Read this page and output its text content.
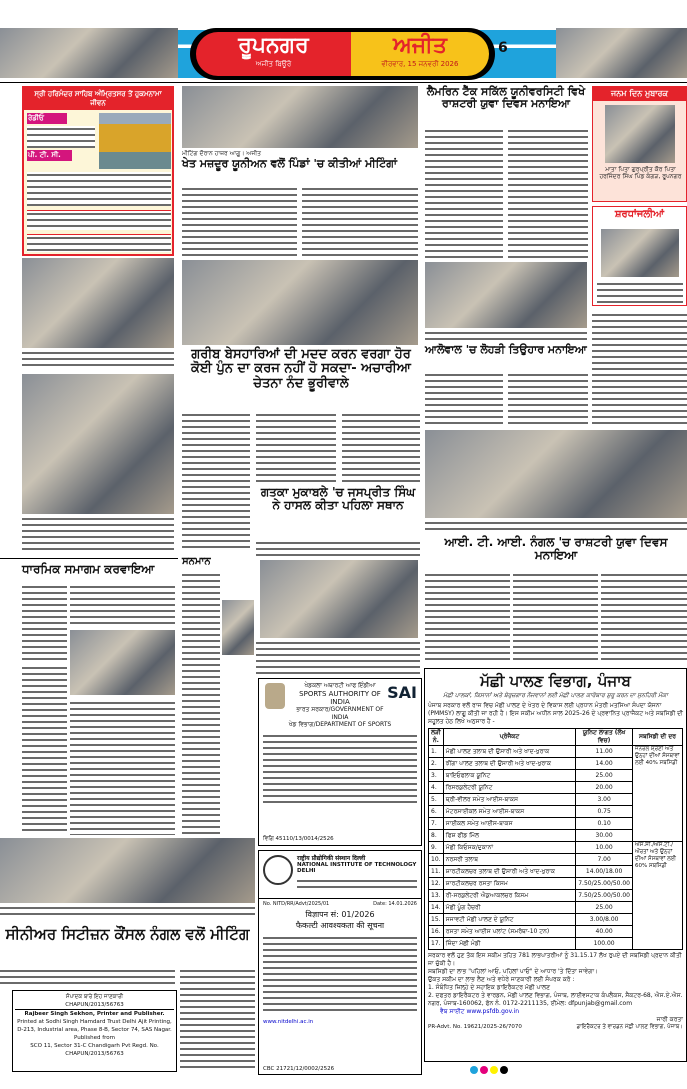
ਰੂਪਨਗਰ
ਅਜੀਤ ਬਿਊਰੋ
ਅਜੀਤ
ਵੀਰਵਾਰ, 15 ਜਨਵਰੀ 2026
6
ਸ੍ਰੀ ਹਰਿਮੰਦਰ ਸਾਹਿਬ ਅੰਮ੍ਰਿਤਸਰ ਤੋਂ ਹੁਕਮਨਾਮਾ ਜੀਵਨ
ਰੇਡੀਓ
ਪੀ. ਟੀ. ਸੀ.
ਧਾਰਮਿਕ ਸਮਾਗਮ ਕਰਵਾਇਆ
ਸੀਨੀਅਰ ਸਿਟੀਜ਼ਨ ਕੌਂਸਲ ਨੰਗਲ ਵਲੋਂ ਮੀਟਿੰਗ
ਸੰਪਾਦਕ ਬਾਰੇ ਇਹ ਜਾਣਕਾਰੀ
CHAPUN/2013/56763
Rajbeer Singh Sekhon, Printer and Publisher.
Printed at Sodhi Singh Hamdard Trust Delhi Ajit Printing,
D-213, Industrial area, Phase 8-B, Sector 74, SAS Nagar. Published from
SCO 11, Sector 31-C Chandigarh Pvt Regd. No. CHAPUN/2013/56763
ਮੀਟਿੰਗ ਦੌਰਾਨ ਹਾਜ਼ਰ ਆਗੂ। ਅਜੀਤ
ਖੇਤ ਮਜ਼ਦੂਰ ਯੂਨੀਅਨ ਵਲੋਂ ਪਿੰਡਾਂ 'ਚ ਕੀਤੀਆਂ ਮੀਟਿੰਗਾਂ
ਗਰੀਬ ਬੇਸਹਾਰਿਆਂ ਦੀ ਮਦਦ ਕਰਨ ਵਰਗਾ ਹੋਰ ਕੋਈ ਪੁੰਨ ਦਾ ਕਰਜ ਨਹੀਂ ਹੋ ਸਕਦਾ- ਅਚਾਰੀਆ ਚੇਤਨਾ ਨੰਦ ਭੂਰੀਵਾਲੇ
ਗਤਕਾ ਮੁਕਾਬਲੇ 'ਚ ਜਸਪ੍ਰੀਤ ਸਿੰਘ ਨੇ ਹਾਸਲ ਕੀਤਾ ਪਹਿਲਾ ਸਥਾਨ
ਸਨਮਾਨ
SAI
ਖੇਡਕਲਾ ਅਥਾਰਟੀ ਆਫ ਇੰਡੀਆ
SPORTS AUTHORITY OF INDIA
ਭਾਰਤ ਸਰਕਾਰ/GOVERNMENT OF INDIA
ਖੇਡ ਵਿਭਾਗ/DEPARTMENT OF SPORTS
ਵਿਗਿ 45110/13/0014/2526
राष्ट्रीय प्रौद्योगिकी संस्थान दिल्ली
NATIONAL INSTITUTE OF TECHNOLOGY DELHI
No. NITD/RR/Advt/2025/01	Date: 14.01.2026
विज्ञापन सं: 01/2026
फैकल्टी आवश्यकता की सूचना
www.nitdelhi.ac.in
CBC 21721/12/0002/2526
ਲੈਮਰਿਨ ਟੈੱਕ ਸਕਿੱਲ ਯੂਨੀਵਰਸਿਟੀ ਵਿਖੇ ਰਾਸ਼ਟਰੀ ਯੁਵਾ ਦਿਵਸ ਮਨਾਇਆ
ਜਨਮ ਦਿਨ ਮੁਬਾਰਕ
ਮਾਤਾ ਪਿਤਾ ਗੁਰਪ੍ਰੀਤ ਕੌਰ ਪਿਤਾ ਹਰਜਿੰਦਰ ਸਿੰਘ ਪਿੰਡ ਕੰਗੜ, ਰੂਪਨਗਰ
ਸ਼ਰਧਾਂਜਲੀਆਂ
ਆਲੋਵਾਲ 'ਚ ਲੋਹੜੀ ਤਿਉਹਾਰ ਮਨਾਇਆ
ਆਈ. ਟੀ. ਆਈ. ਨੰਗਲ 'ਚ ਰਾਸ਼ਟਰੀ ਯੁਵਾ ਦਿਵਸ ਮਨਾਇਆ
ਮੱਛੀ ਪਾਲਣ ਵਿਭਾਗ, ਪੰਜਾਬ
ਮੱਛੀ ਪਾਲਕਾਂ, ਕਿਸਾਨਾਂ ਅਤੇ ਬੇਰੁਜ਼ਗਾਰ ਨੌਜਵਾਨਾਂ ਲਈ ਮੱਛੀ ਪਾਲਣ ਕਾਰੋਬਾਰ ਸ਼ੁਰੂ ਕਰਨ ਦਾ ਸੁਨਹਿਰੀ ਮੌਕਾ
ਪੰਜਾਬ ਸਰਕਾਰ ਵਲੋਂ ਰਾਜ ਵਿਚ ਮੱਛੀ ਪਾਲਣ ਦੇ ਖੇਤਰ ਦੇ ਵਿਕਾਸ ਲਈ ਪ੍ਰਧਾਨ ਮੰਤਰੀ ਮਤਸਿਆ ਸੰਪਦਾ ਯੋਜਨਾ (PMMSY) ਲਾਗੂ ਕੀਤੀ ਜਾ ਰਹੀ ਹੈ। ਇਸ ਸਕੀਮ ਅਧੀਨ ਸਾਲ 2025-26 ਦੇ ਪ੍ਰਵਾਨਿਤ ਪ੍ਰਾਜੈਕਟ ਅਤੇ ਸਬਸਿਡੀ ਦੀ ਸਹੂਲਤ ਹੇਠ ਲਿਖੇ ਅਨੁਸਾਰ ਹੈ -
ਲੜੀ ਨੰ.	ਪ੍ਰੋਜੈਕਟ	ਯੂਨਿਟ ਲਾਗਤ (ਲੱਖ ਵਿਚ)	ਸਬਸਿਡੀ ਦੀ ਦਰ
1.	ਮੱਛੀ ਪਾਲਣ ਤਲਾਬ ਦੀ ਉਸਾਰੀ ਅਤੇ ਖਾਦ-ਖੁਰਾਕ	11.00	ਜਨਰਲ ਸ਼੍ਰੇਣੀ ਅਤੇ ਉਨ੍ਹਾਂ ਦੀਆਂ ਸੰਸਥਾਵਾਂ ਲਈ 40% ਸਬਸਿਡੀ
2.	ਝੀਂਗਾ ਪਾਲਣ ਤਲਾਬ ਦੀ ਉਸਾਰੀ ਅਤੇ ਖਾਦ-ਖੁਰਾਕ	14.00	
3.	ਬਾਇਓਫਲਾਕ ਯੂਨਿਟ	25.00	
4.	ਰਿਸਰਕੁਲੇਟਰੀ ਯੂਨਿਟ	20.00	
5.	ਥ੍ਰੀ-ਵੀਲਰ ਸਮੇਤ ਆਈਸ-ਬਾਕਸ	3.00	
6.	ਮੋਟਰਸਾਈਕਲ ਸਮੇਤ ਆਈਸ-ਬਾਕਸ	0.75	
7.	ਸਾਈਕਲ ਸਮੇਤ ਆਈਸ-ਬਾਕਸ	0.10	
8.	ਫਿਸ਼ ਫੀਡ ਮਿੱਲ	30.00	
9.	ਮੱਛੀ ਕਿਓਸਕ/ਦੁਕਾਨਾਂ	10.00	ਐਸ.ਸੀ./ਐਸ.ਟੀ./ ਔਰਤਾਂ ਅਤੇ ਉਨ੍ਹਾਂ ਦੀਆਂ ਸੰਸਥਾਵਾਂ ਲਈ 60% ਸਬਸਿਡੀ
10.	ਨਰਸਰੀ ਤਲਾਬ	7.00	
11.	ਸ਼ਾਰਟੀਕਲਚਰ ਤਲਾਬ ਦੀ ਉਸਾਰੀ ਅਤੇ ਖਾਦ-ਖੁਰਾਕ	14.00/18.00	
12.	ਸ਼ਾਰਟੀਕਲਚਰ ਰਸਤਾ ਕਿਸਮ	7.50/25.00/50.00	
13.	ਰੀ-ਸਰਕੁਲੇਟਰੀ ਐਕੁਆਕਲਚਰ ਕਿਸਮ	7.50/25.00/50.00	
14.	ਮੱਛੀ ਪੂੰਗ ਹੈਚਰੀ	25.00	
15.	ਸਜਾਵਟੀ ਮੱਛੀ ਪਾਲਣ ਦੇ ਯੂਨਿਟ	3.00/8.00	
16.	ਰਸਤਾ ਸਮੇਤ ਆਈਸ ਪਲਾਂਟ (ਸਮਰੱਥਾ-10 ਟਨ)	40.00	
17.	ਜ਼ਿੰਦਾ ਮੱਛੀ ਮੰਡੀ	100.00	
ਸਰਕਾਰ ਵਲੋਂ ਹੁਣ ਤੱਕ ਇਸ ਸਕੀਮ ਤਹਿਤ 781 ਲਾਭਪਾਤਰੀਆਂ ਨੂੰ 31.15.17 ਲੱਖ ਰੁਪਏ ਦੀ ਸਬਸਿਡੀ ਪ੍ਰਦਾਨ ਕੀਤੀ ਜਾ ਚੁੱਕੀ ਹੈ।
ਸਬਸਿਡੀ ਦਾ ਲਾਭ "ਪਹਿਲਾਂ ਆਓ, ਪਹਿਲਾਂ ਪਾਓ" ਦੇ ਆਧਾਰ 'ਤੇ ਦਿੱਤਾ ਜਾਵੇਗਾ।
ਉਕਤ ਸਕੀਮ ਦਾ ਲਾਭ ਲੈਣ ਅਤੇ ਵਧੇਰੇ ਜਾਣਕਾਰੀ ਲਈ ਸੰਪਰਕ ਕਰੋ :
1. ਸੰਬੰਧਿਤ ਜ਼ਿਲ੍ਹੇ ਦੇ ਸਹਾਇਕ ਡਾਇਰੈਕਟਰ ਮੱਛੀ ਪਾਲਣ
2. ਦਫਤਰ ਡਾਇਰੈਕਟਰ ਤੇ ਵਾਰਡਨ, ਮੱਛੀ ਪਾਲਣ ਵਿਭਾਗ, ਪੰਜਾਬ, ਲਾਈਵਸਟਾਕ ਕੰਪਲੈਕਸ, ਸੈਕਟਰ-68, ਐਸ.ਏ.ਐਸ. ਨਗਰ, ਪੰਜਾਬ-160062, ਫੋਨ ਨੰ. 0172-2211135, ਈਮੇਲ: dfpunjab@gmail.com
ਵੈਬ ਸਾਈਟ www.psfdb.gov.in
ਜਾਰੀ ਕਰਤਾ
PR-Advt. No. 19621/2025-26/7070	ਡਾਇਰੈਕਟਰ ਤੇ ਵਾਰਡਨ ਮੱਛੀ ਪਾਲਣ ਵਿਭਾਗ, ਪੰਜਾਬ।
